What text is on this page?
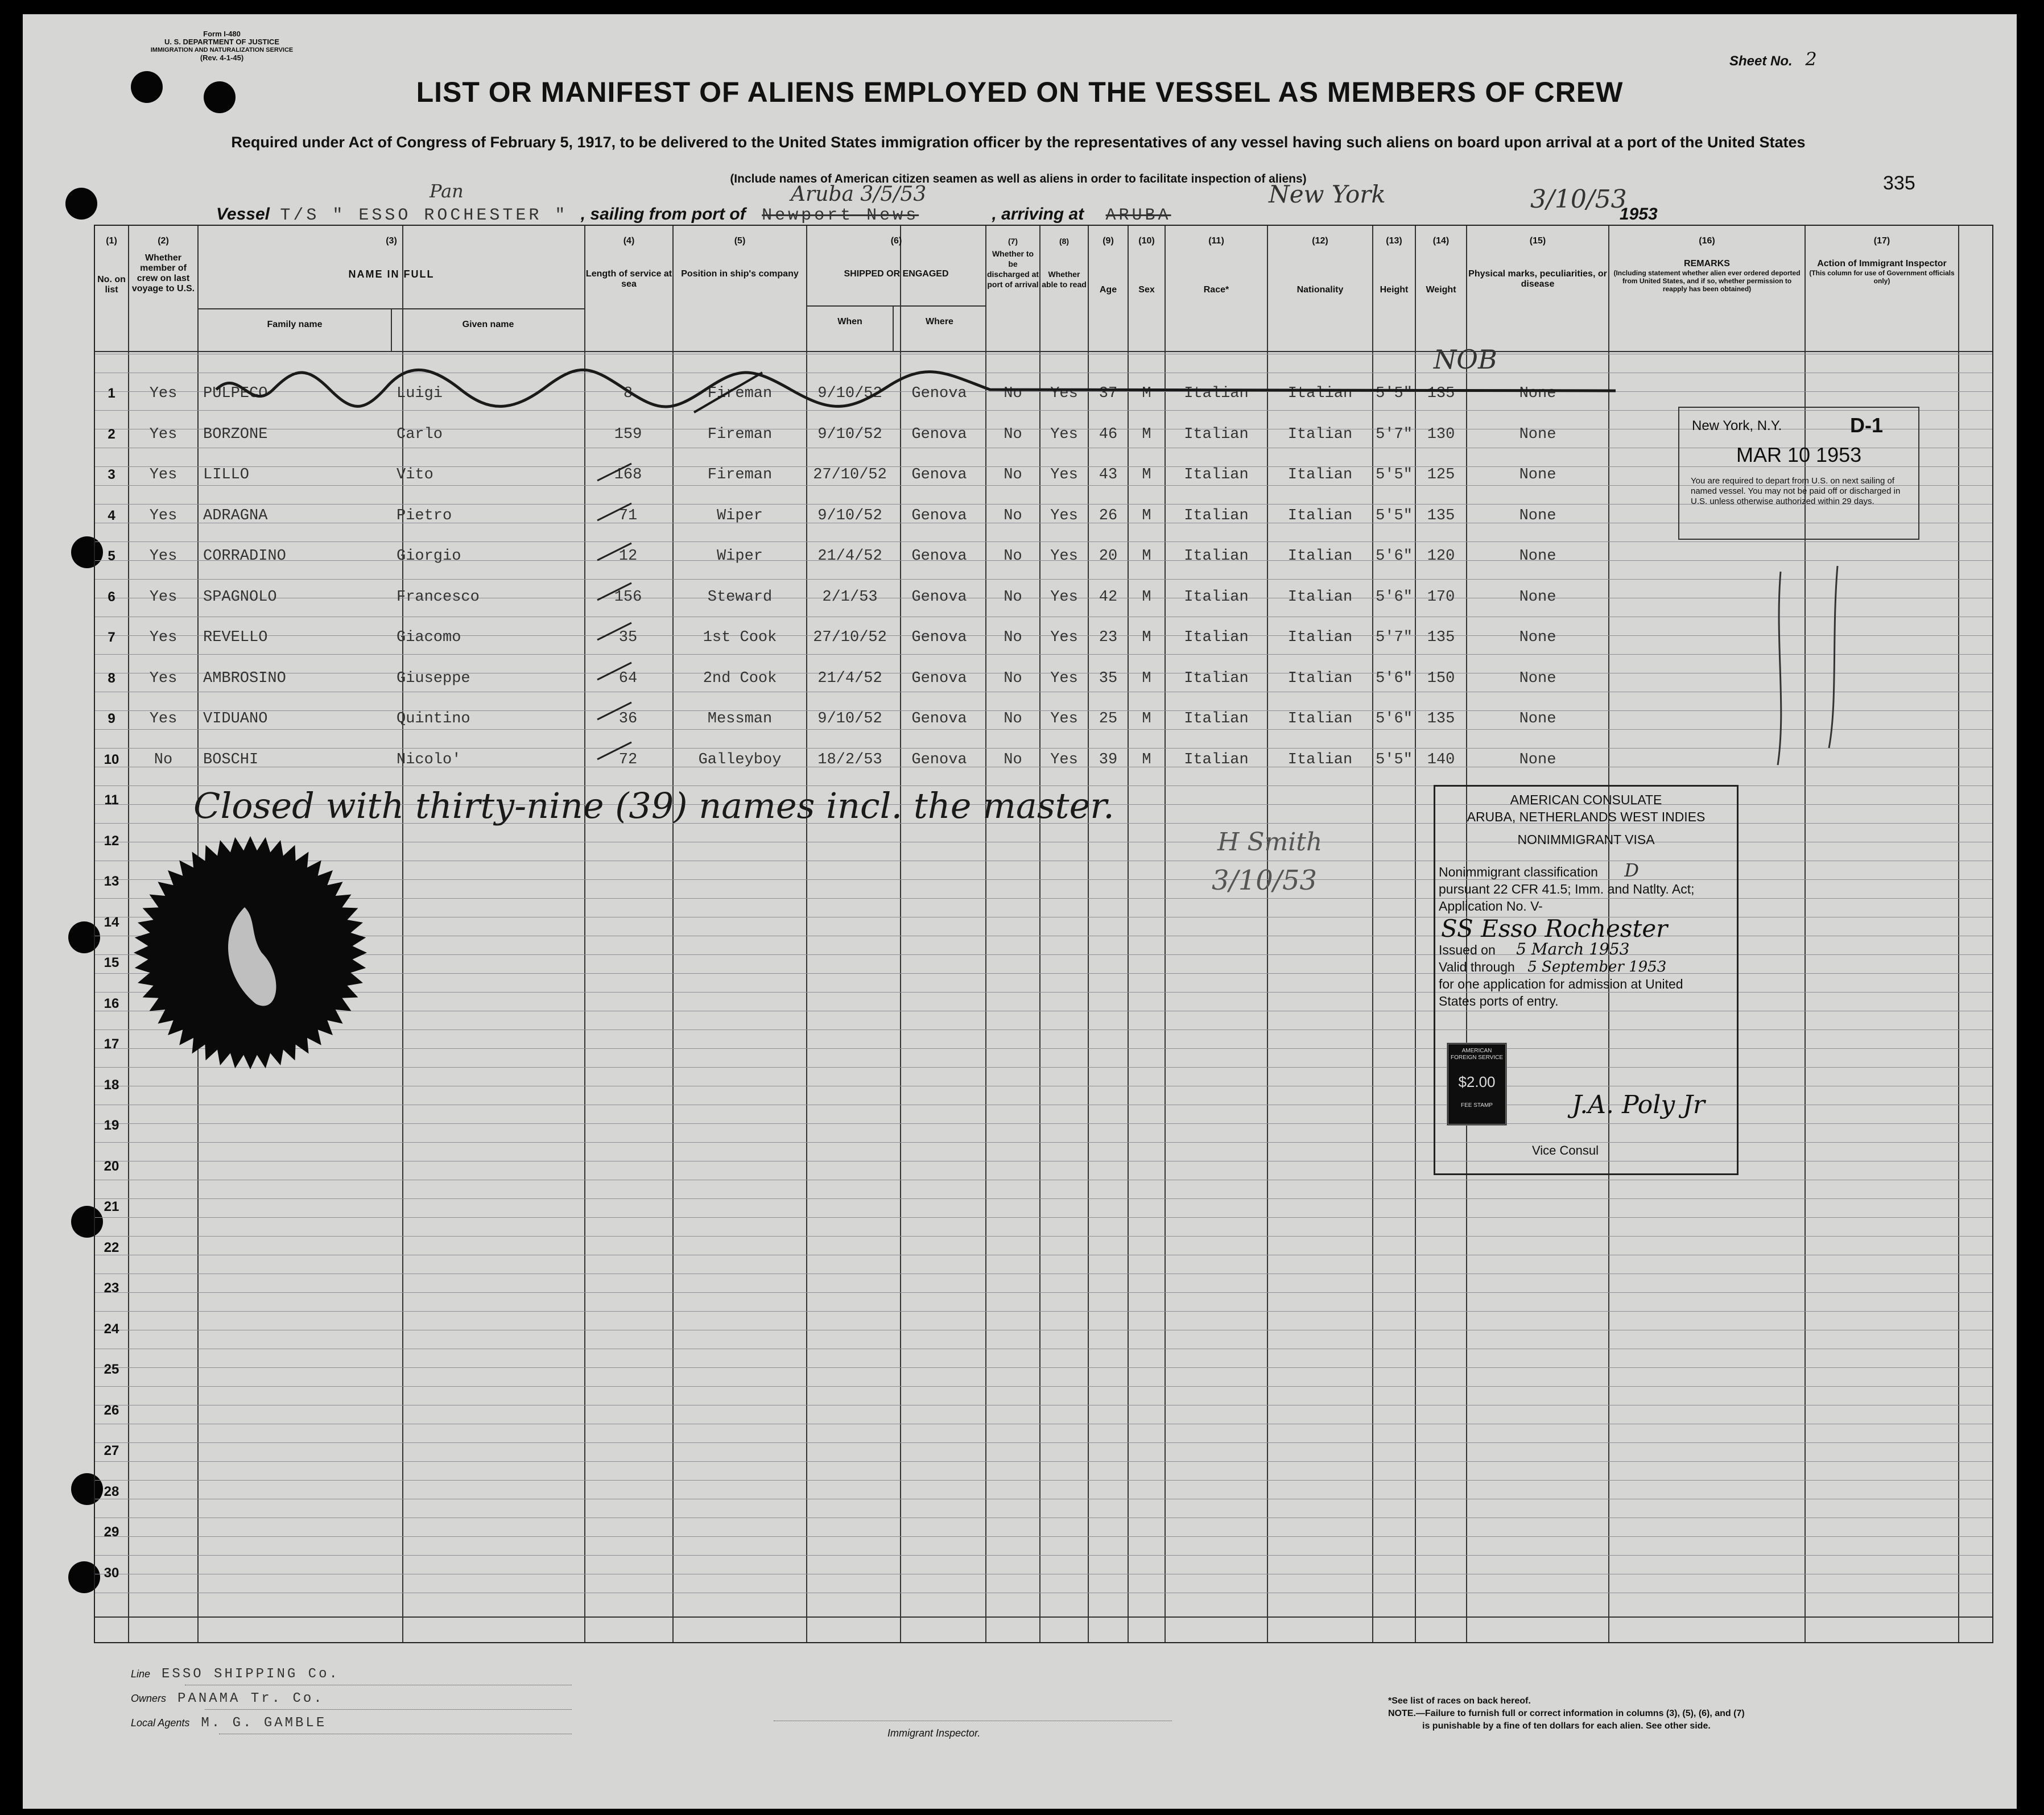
Form I-480
U. S. DEPARTMENT OF JUSTICE
IMMIGRATION AND NATURALIZATION SERVICE
(Rev. 4-1-45)	Sheet No. 2
LIST OR MANIFEST OF ALIENS EMPLOYED ON THE VESSEL AS MEMBERS OF CREW
Required under Act of Congress of February 5, 1917, to be delivered to the United States immigration officer by the representatives of any vessel having such aliens on board upon arrival at a port of the United States
(Include names of American citizen seamen as well as aliens in order to facilitate inspection of aliens)	335
Vessel T/S " ESSO ROCHESTER " , sailing from port of Newport News	, arriving at ARUBA	1953
Pan	Aruba 3/5/53	New York	3/10/53
(1)
No. on list
(2)
Whether member of crew on last voyage to U.S.
(3)
NAME IN FULL
Family name	Given name
(4)
Length of service at sea
(5)
Position in ship's company
(6)
SHIPPED OR ENGAGED
When	Where
(7)
Whether to be discharged at port of arrival
(8)
Whether able to read
(9)
Age
(10)
Sex
(11)
Race*
(12)
Nationality
(13)
Height
(14)
Weight
(15)
Physical marks, peculiarities, or disease
(16)
REMARKS
(Including statement whether alien ever ordered deported from United States, and if so, whether permission to reapply has been obtained)
(17)
Action of Immigrant Inspector
(This column for use of Government officials only)
1	Yes	PULPECO	Luigi	8	Fireman	9/10/52	Genova	No	Yes	37	M	Italian	Italian	5'5" 135	None
2	Yes	BORZONE	Carlo	159	Fireman	9/10/52	Genova	No	Yes	46	M	Italian	Italian	5'7" 130	None
3	Yes	LILLO	Vito	168	Fireman	27/10/52	Genova	No	Yes	43	M	Italian	Italian	5'5" 125	None
4	Yes	ADRAGNA	Pietro	71	Wiper	9/10/52	Genova	No	Yes	26	M	Italian	Italian	5'5" 135	None
5	Yes	CORRADINO	Giorgio	12	Wiper	21/4/52	Genova	No	Yes	20	M	Italian	Italian	5'6" 120	None
6	Yes	SPAGNOLO	Francesco	156	Steward	2/1/53	Genova	No	Yes	42	M	Italian	Italian	5'6" 170	None
7	Yes	REVELLO	Giacomo	35	1st Cook	27/10/52	Genova	No	Yes	23	M	Italian	Italian	5'7" 135	None
8	Yes	AMBROSINO	Giuseppe	64	2nd Cook	21/4/52	Genova	No	Yes	35	M	Italian	Italian	5'6" 150	None
9	Yes	VIDUANO	Quintino	36	Messman	9/10/52	Genova	No	Yes	25	M	Italian	Italian	5'6" 135	None
10	No	BOSCHI	Nicolo'	72	Galleyboy	18/2/53	Genova	No	Yes	39	M	Italian	Italian	5'5" 140	None
11
12
13
14
15
16
17
18
19
20
21
22
23
24
25
26
27
28
29
30
NOB
Closed with thirty-nine (39) names incl. the master.
H Smith
3/10/53
New York, N.Y.	D-1
MAR 10 1953
You are required to depart from U.S. on next sailing of named vessel. You may not be paid off or discharged in U.S. unless otherwise authorized within 29 days.
AMERICAN CONSULATE
ARUBA, NETHERLANDS WEST INDIES
NONIMMIGRANT VISA
Nonimmigrant classification D
pursuant 22 CFR 41.5; Imm. and Natlty. Act; Application No. V-
SS Esso Rochester
Issued on 5 March 1953
Valid through 5 September 1953
for one application for admission at United States ports of entry.
AMERICAN FOREIGN SERVICE
$2.00
FEE STAMP	J.A. Poly Jr
Vice Consul
Line ESSO SHIPPING Co.
Owners PANAMA Tr. Co.
Local Agents M. G. GAMBLE
Immigrant Inspector.
*See list of races on back hereof.
NOTE.—Failure to furnish full or correct information in columns (3), (5), (6), and (7)
is punishable by a fine of ten dollars for each alien. See other side.
